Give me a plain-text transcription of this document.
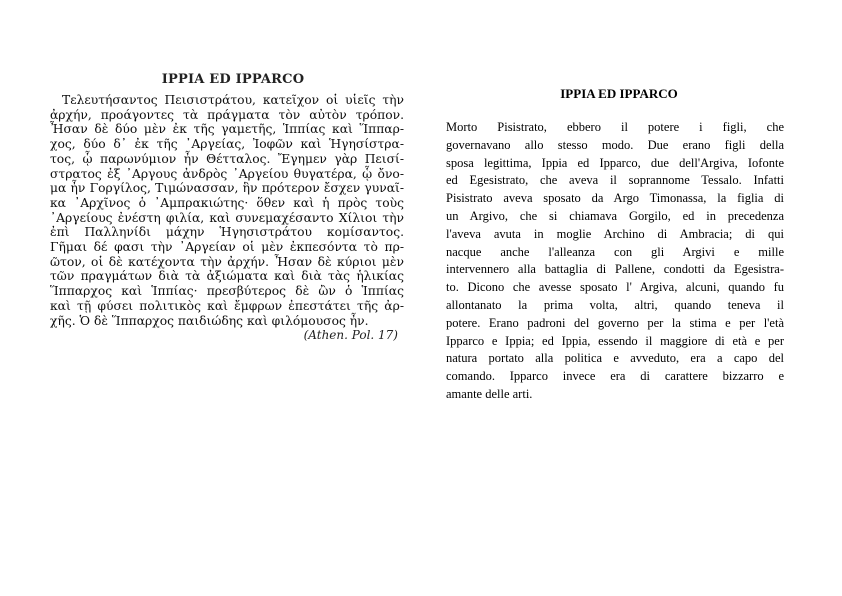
IPPIA ED IPPARCO
Τελευτήσαντος Πεισιστράτου, κατεῖχον οἱ υἱεῖς τὴν
ἀρχήν, προάγοντες τὰ πράγματα τὸν αὐτὸν τρόπον.
Ἦσαν δὲ δύο μὲν ἐκ τῆς γαμετῆς, Ἱππίας καὶ Ἵππαρ-
χος, δύο δ᾽ ἐκ τῆς ᾽Αργείας, Ἰοφῶν καὶ Ἡγησίστρα-
τος, ᾧ παρωνύμιον ἦν Θέτταλος. Ἔγημεν γὰρ Πεισί-
στρατος ἐξ ᾽Αργους ἀνδρὸς ᾽Αργείου θυγατέρα, ᾧ ὄνο-
μα ἦν Γοργίλος, Τιμώνασσαν, ἣν πρότερον ἔσχεν γυναῖ-
κα ᾽Αρχῖνος ὁ ᾽Αμπρακιώτης· ὅθεν καὶ ἡ πρὸς τοὺς
᾽Αργείους ἐνέστη φιλία, καὶ συνεμαχέσαντο Χίλιοι τὴν
ἐπὶ Παλληνίδι μάχην Ἡγησιστράτου κομίσαντος.
Γῆμαι δέ φασι τὴν ᾽Αργείαν οἱ μὲν ἐκπεσόντα τὸ πρ-
ῶτον, οἱ δὲ κατέχοντα τὴν ἀρχήν. Ἦσαν δὲ κύριοι μὲν
τῶν πραγμάτων διὰ τὰ ἀξιώματα καὶ διὰ τὰς ἡλικίας
Ἵππαρχος καὶ Ἱππίας· πρεσβύτερος δὲ ὢν ὁ Ἱππίας
καὶ τῇ φύσει πολιτικὸς καὶ ἔμφρων ἐπεστάτει τῆς ἀρ-
χῆς. Ὁ δὲ Ἵππαρχος παιδιώδης καὶ φιλόμουσος ἦν.
(Athen. Pol. 17)
IPPIA ED IPPARCO
Morto Pisistrato, ebbero il potere i figli, che
governavano allo stesso modo. Due erano figli della
sposa legittima, Ippia ed Ipparco, due dell'Argiva, Iofonte
ed Egesistrato, che aveva il soprannome Tessalo. Infatti
Pisistrato aveva sposato da Argo Timonassa, la figlia di
un Argivo, che si chiamava Gorgilo, ed in precedenza
l'aveva avuta in moglie Archino di Ambracia; di qui
nacque anche l'alleanza con gli Argivi e mille
intervennero alla battaglia di Pallene, condotti da Egesistra-
to. Dicono che avesse sposato l' Argiva, alcuni, quando fu
allontanato la prima volta, altri, quando teneva il
potere. Erano padroni del governo per la stima e per l'età
Ipparco e Ippia; ed Ippia, essendo il maggiore di età e per
natura portato alla politica e avveduto, era a capo del
comando. Ipparco invece era di carattere bizzarro e
amante delle arti.
